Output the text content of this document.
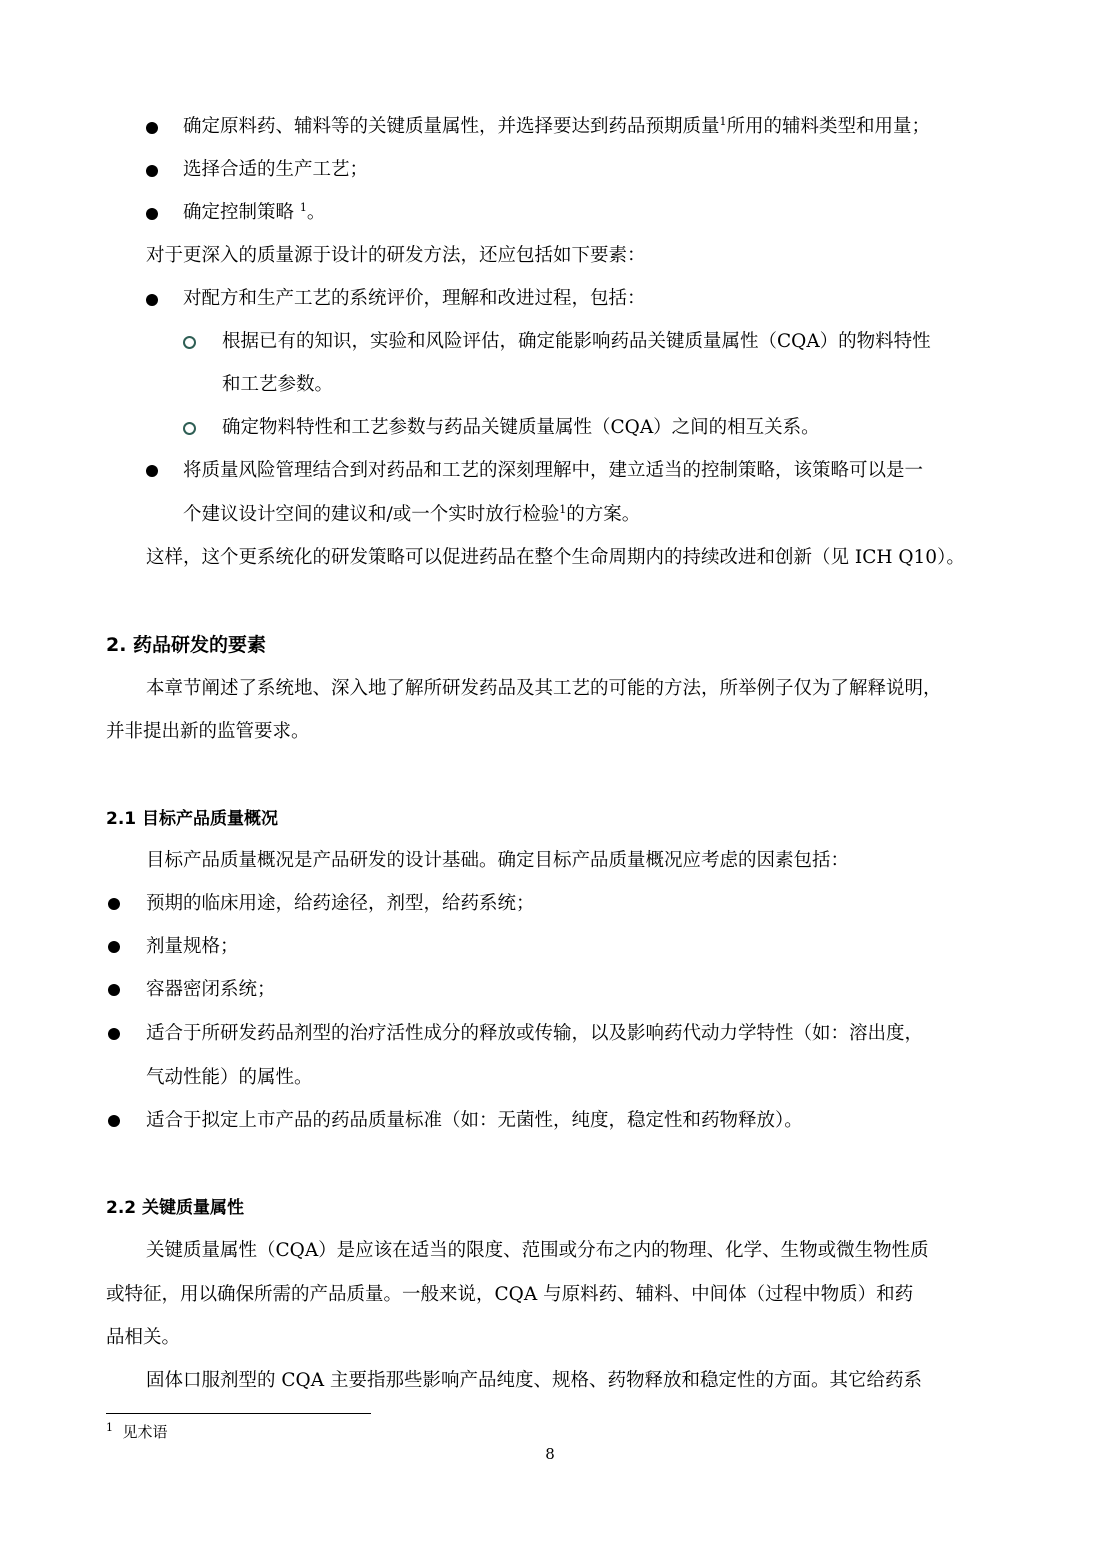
确定原料药、辅料等的关键质量属性，并选择要达到药品预期质量$^1$所用的辅料类型和用量；
选择合适的生产工艺；
确定控制策略 $^1$。
对于更深入的质量源于设计的研发方法，还应包括如下要素：
对配方和生产工艺的系统评价，理解和改进过程，包括：
根据已有的知识，实验和风险评估，确定能影响药品关键质量属性（CQA）的物料特性
和工艺参数。
确定物料特性和工艺参数与药品关键质量属性（CQA）之间的相互关系。
将质量风险管理结合到对药品和工艺的深刻理解中，建立适当的控制策略，该策略可以是一
个建议设计空间的建议和/或一个实时放行检验$^1$的方案。
这样，这个更系统化的研发策略可以促进药品在整个生命周期内的持续改进和创新（见 ICH Q10）。
2. 药品研发的要素
本章节阐述了系统地、深入地了解所研发药品及其工艺的可能的方法，所举例子仅为了解释说明，
并非提出新的监管要求。
2.1 目标产品质量概况
目标产品质量概况是产品研发的设计基础。确定目标产品质量概况应考虑的因素包括：
预期的临床用途，给药途径，剂型，给药系统；
剂量规格；
容器密闭系统；
适合于所研发药品剂型的治疗活性成分的释放或传输，以及影响药代动力学特性（如：溶出度，
气动性能）的属性。
适合于拟定上市产品的药品质量标准（如：无菌性，纯度，稳定性和药物释放）。
2.2 关键质量属性
关键质量属性（CQA）是应该在适当的限度、范围或分布之内的物理、化学、生物或微生物性质
或特征，用以确保所需的产品质量。一般来说，CQA 与原料药、辅料、中间体（过程中物质）和药
品相关。
固体口服剂型的 CQA 主要指那些影响产品纯度、规格、药物释放和稳定性的方面。其它给药系
$^1$ 见术语
8
